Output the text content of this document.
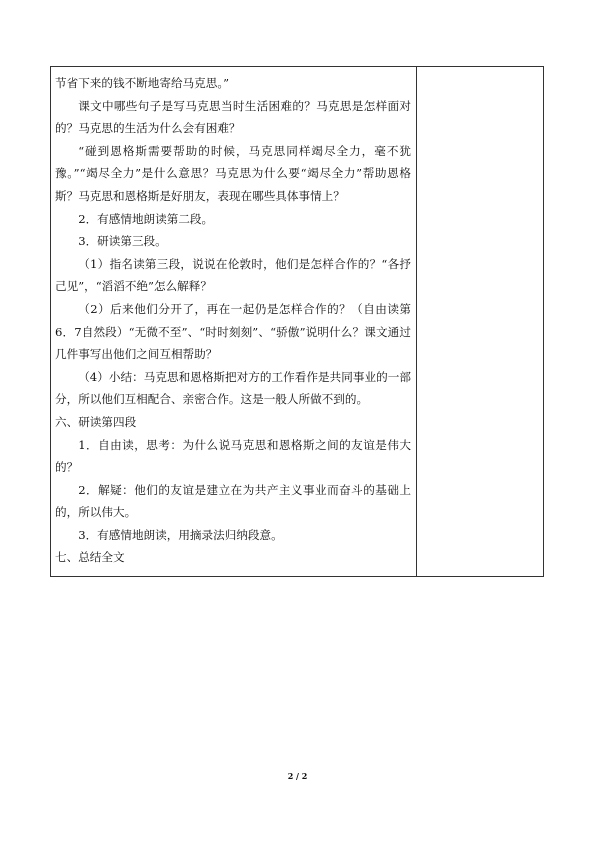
节省下来的钱不断地寄给马克思。”

课文中哪些句子是写马克思当时生活困难的？马克思是怎样面对的？马克思的生活为什么会有困难？

“碰到恩格斯需要帮助的时候，马克思同样竭尽全力，毫不犹豫。”“竭尽全力”是什么意思？马克思为什么要“竭尽全力”帮助恩格斯？马克思和恩格斯是好朋友，表现在哪些具体事情上？

2．有感情地朗读第二段。

3．研读第三段。

（1）指名读第三段，说说在伦敦时，他们是怎样合作的？“各抒己见”，“滔滔不绝”怎么解释？

（2）后来他们分开了，再在一起仍是怎样合作的？（自由读第6．7自然段）“无微不至”、“时时刻刻”、“骄傲”说明什么？课文通过几件事写出他们之间互相帮助？

（4）小结：马克思和恩格斯把对方的工作看作是共同事业的一部分，所以他们互相配合、亲密合作。这是一般人所做不到的。

六、研读第四段

1．自由读，思考：为什么说马克思和恩格斯之间的友谊是伟大的？

2．解疑：他们的友谊是建立在为共产主义事业而奋斗的基础上的，所以伟大。

3．有感情地朗读，用摘录法归纳段意。

七、总结全文

2 / 2
